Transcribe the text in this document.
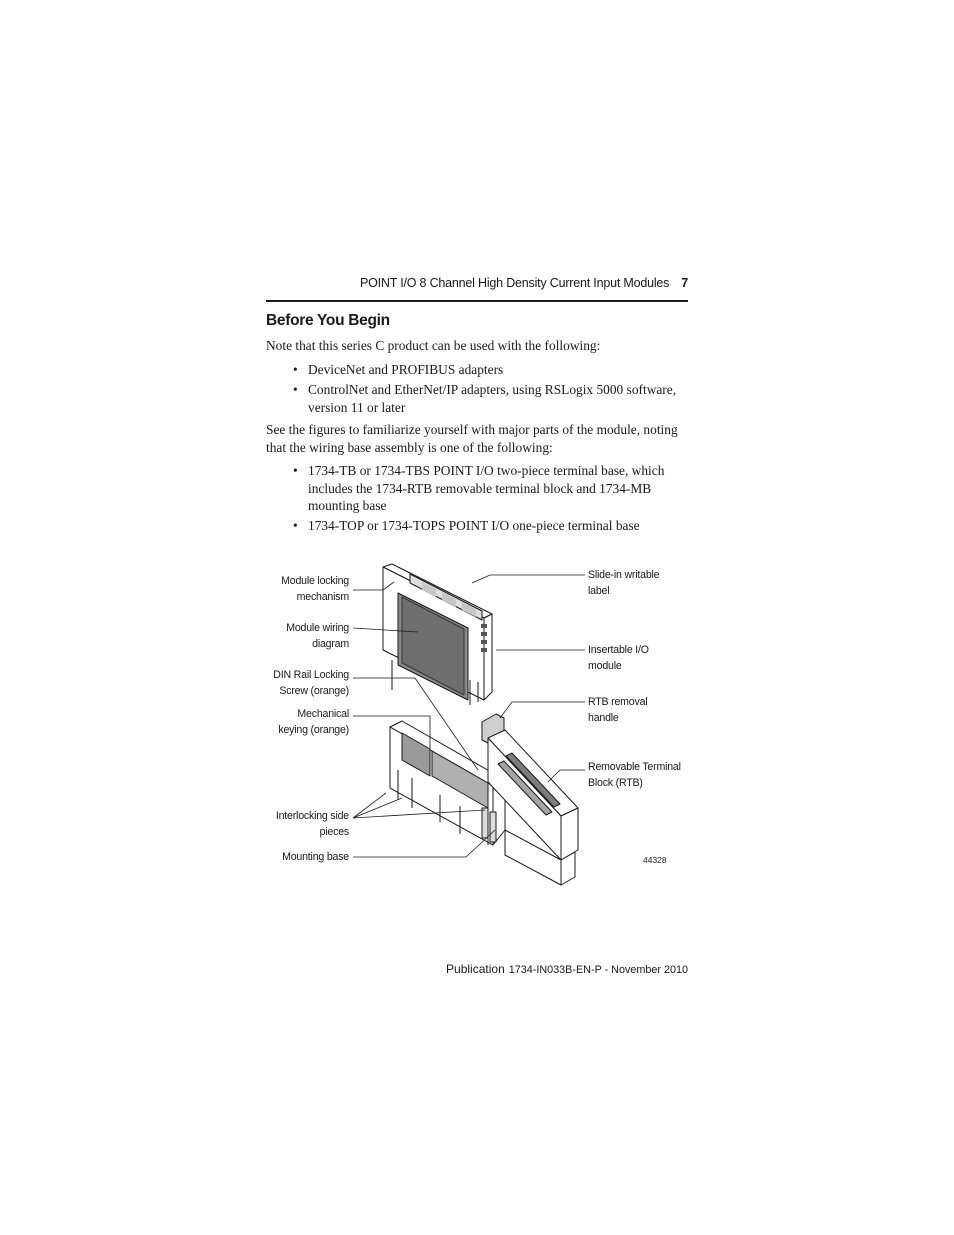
POINT I/O 8 Channel High Density Current Input Modules 7
Before You Begin
Note that this series C product can be used with the following:
• DeviceNet and PROFIBUS adapters
• ControlNet and EtherNet/IP adapters, using RSLogix 5000 software, version 11 or later
See the figures to familiarize yourself with major parts of the module, noting that the wiring base assembly is one of the following:
• 1734-TB or 1734-TBS POINT I/O two-piece terminal base, which includes the 1734-RTB removable terminal block and 1734-MB mounting base
• 1734-TOP or 1734-TOPS POINT I/O one-piece terminal base
Module locking
mechanism
Module wiring
diagram
DIN Rail Locking
Screw (orange)
Mechanical
keying (orange)
Interlocking side
pieces
Mounting base
Slide-in writable
label
Insertable I/O
module
RTB removal
handle
Removable Terminal
Block (RTB)
44328
Publication 1734-IN033B-EN-P - November 2010
